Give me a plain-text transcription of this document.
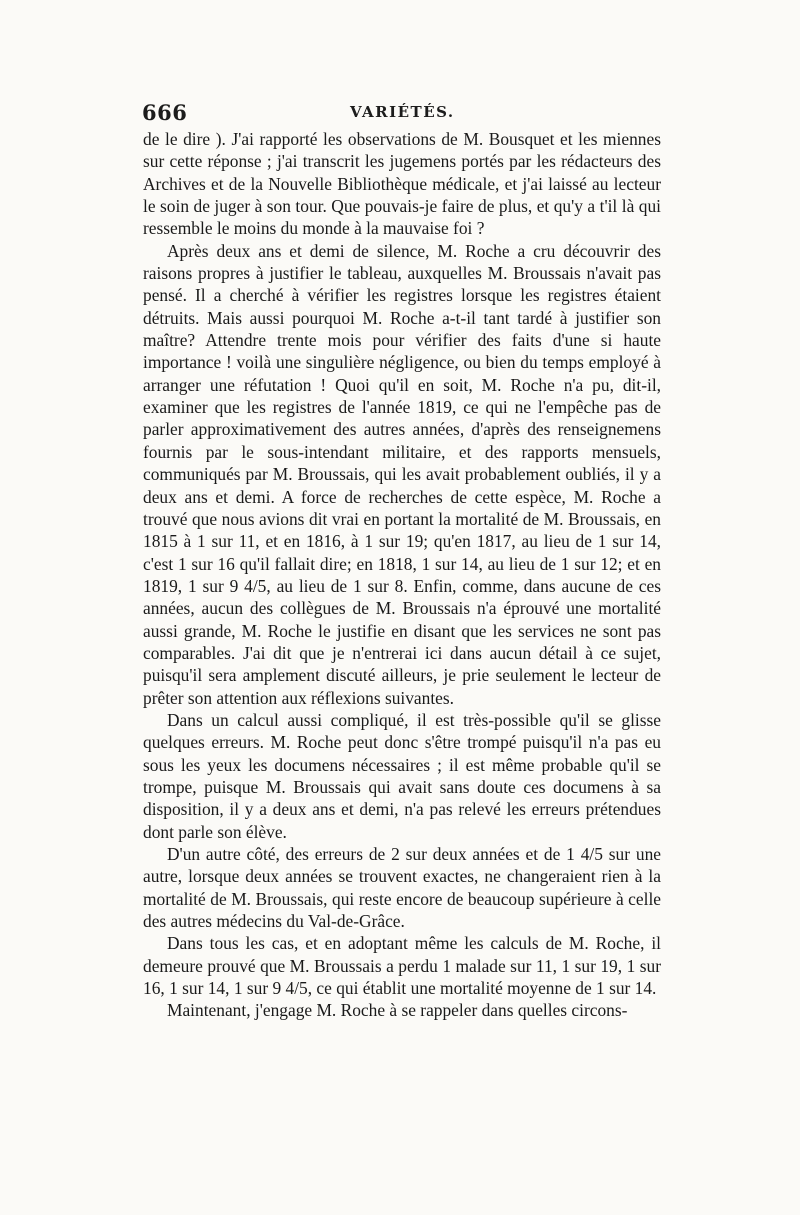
666	VARIÉTÉS.

de le dire ). J'ai rapporté les observations de M. Bousquet et les miennes sur cette réponse ; j'ai transcrit les jugemens portés par les rédacteurs des Archives et de la Nouvelle Bibliothèque médicale, et j'ai laissé au lecteur le soin de juger à son tour. Que pouvais-je faire de plus, et qu'y a t'il là qui ressemble le moins du monde à la mauvaise foi ?

Après deux ans et demi de silence, M. Roche a cru découvrir des raisons propres à justifier le tableau, auxquelles M. Broussais n'avait pas pensé. Il a cherché à vérifier les registres lorsque les registres étaient détruits. Mais aussi pourquoi M. Roche a-t-il tant tardé à justifier son maître? Attendre trente mois pour vérifier des faits d'une si haute importance ! voilà une singulière négligence, ou bien du temps employé à arranger une réfutation ! Quoi qu'il en soit, M. Roche n'a pu, dit-il, examiner que les registres de l'année 1819, ce qui ne l'empêche pas de parler approximativement des autres années, d'après des renseignemens fournis par le sous-intendant militaire, et des rapports mensuels, communiqués par M. Broussais, qui les avait probablement oubliés, il y a deux ans et demi. A force de recherches de cette espèce, M. Roche a trouvé que nous avions dit vrai en portant la mortalité de M. Broussais, en 1815 à 1 sur 11, et en 1816, à 1 sur 19; qu'en 1817, au lieu de 1 sur 14, c'est 1 sur 16 qu'il fallait dire; en 1818, 1 sur 14, au lieu de 1 sur 12; et en 1819, 1 sur 9 4/5, au lieu de 1 sur 8. Enfin, comme, dans aucune de ces années, aucun des collègues de M. Broussais n'a éprouvé une mortalité aussi grande, M. Roche le justifie en disant que les services ne sont pas comparables. J'ai dit que je n'entrerai ici dans aucun détail à ce sujet, puisqu'il sera amplement discuté ailleurs, je prie seulement le lecteur de prêter son attention aux réflexions suivantes.

Dans un calcul aussi compliqué, il est très-possible qu'il se glisse quelques erreurs. M. Roche peut donc s'être trompé puisqu'il n'a pas eu sous les yeux les documens nécessaires ; il est même probable qu'il se trompe, puisque M. Broussais qui avait sans doute ces documens à sa disposition, il y a deux ans et demi, n'a pas relevé les erreurs prétendues dont parle son élève.

D'un autre côté, des erreurs de 2 sur deux années et de 1 4/5 sur une autre, lorsque deux années se trouvent exactes, ne changeraient rien à la mortalité de M. Broussais, qui reste encore de beaucoup supérieure à celle des autres médecins du Val-de-Grâce.

Dans tous les cas, et en adoptant même les calculs de M. Roche, il demeure prouvé que M. Broussais a perdu 1 malade sur 11, 1 sur 19, 1 sur 16, 1 sur 14, 1 sur 9 4/5, ce qui établit une mortalité moyenne de 1 sur 14.

Maintenant, j'engage M. Roche à se rappeler dans quelles circons-
